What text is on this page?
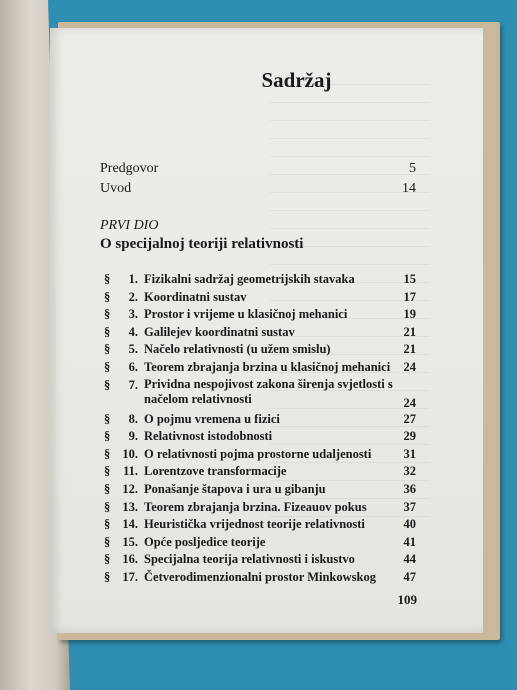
Sadržaj
Predgovor	5
Uvod	14
PRVI DIO
O specijalnoj teoriji relativnosti
§	1. Fizikalni sadržaj geometrijskih stavaka	15
§	2. Koordinatni sustav	17
§	3. Prostor i vrijeme u klasičnoj mehanici	19
§	4. Galilejev koordinatni sustav	21
§	5. Načelo relativnosti (u užem smislu)	21
§	6. Teorem zbrajanja brzina u klasičnoj mehanici 24
§	7. Prividna nespojivost zakona širenja svjetlosti s načelom relativnosti	24
§	8. O pojmu vremena u fizici	27
§	9. Relativnost istodobnosti	29
§ 10. O relativnosti pojma prostorne udaljenosti	31
§	11. Lorentzove transformacije	32
§ 12. Ponašanje štapova i ura u gibanju	36
§ 13. Teorem zbrajanja brzina. Fizeauov pokus	37
§ 14. Heuristička vrijednost teorije relativnosti	40
§ 15. Opće posljedice teorije	41
§ 16. Specijalna teorija relativnosti i iskustvo	44
§ 17. Četverodimenzionalni prostor Minkowskog 47
109
